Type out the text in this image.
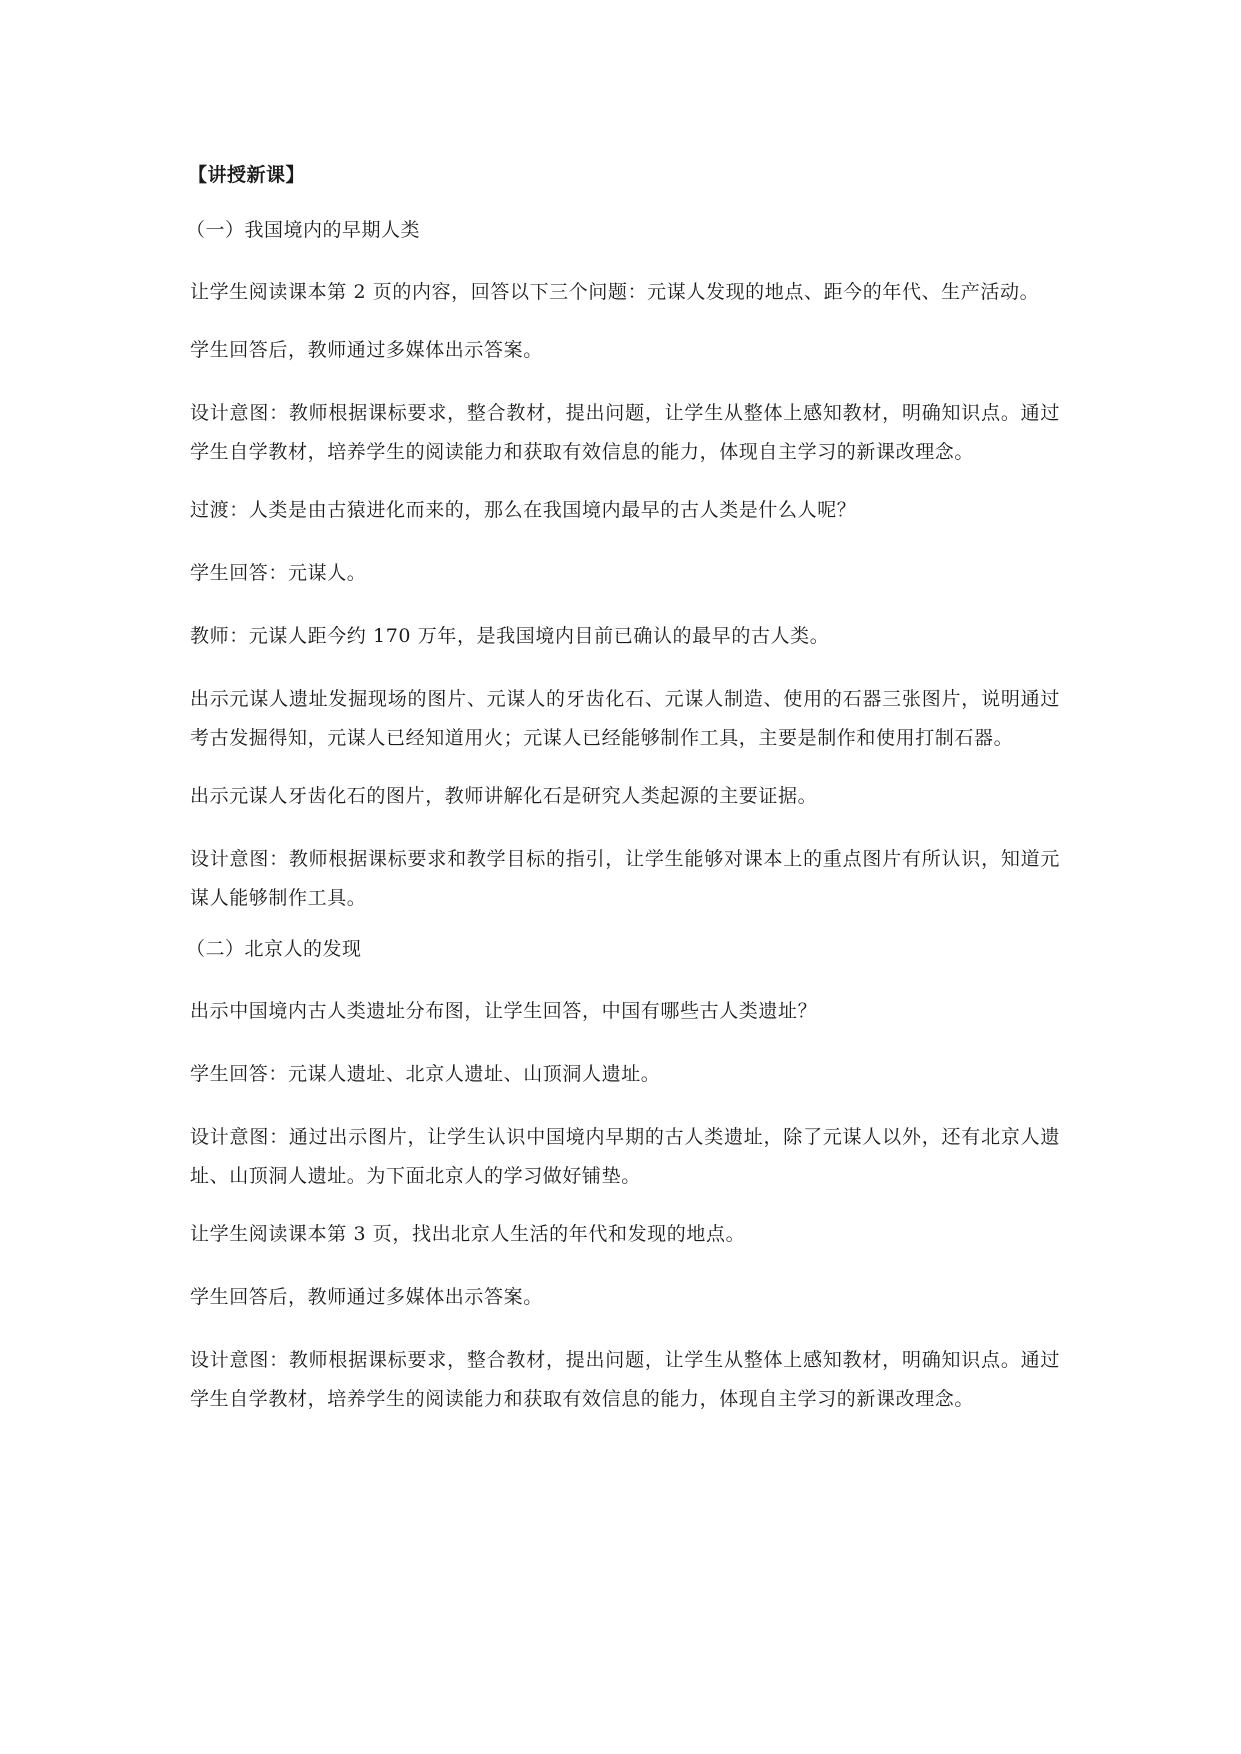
【讲授新课】
（一）我国境内的早期人类

让学生阅读课本第 2 页的内容，回答以下三个问题：元谋人发现的地点、距今的年代、生产活动。

学生回答后，教师通过多媒体出示答案。

设计意图：教师根据课标要求，整合教材，提出问题，让学生从整体上感知教材，明确知识点。通过学生自学教材，培养学生的阅读能力和获取有效信息的能力，体现自主学习的新课改理念。

过渡：人类是由古猿进化而来的，那么在我国境内最早的古人类是什么人呢？

学生回答：元谋人。

教师：元谋人距今约 170 万年，是我国境内目前已确认的最早的古人类。

出示元谋人遗址发掘现场的图片、元谋人的牙齿化石、元谋人制造、使用的石器三张图片，说明通过考古发掘得知，元谋人已经知道用火；元谋人已经能够制作工具，主要是制作和使用打制石器。

出示元谋人牙齿化石的图片，教师讲解化石是研究人类起源的主要证据。

设计意图：教师根据课标要求和教学目标的指引，让学生能够对课本上的重点图片有所认识，知道元谋人能够制作工具。

（二）北京人的发现

出示中国境内古人类遗址分布图，让学生回答，中国有哪些古人类遗址？

学生回答：元谋人遗址、北京人遗址、山顶洞人遗址。

设计意图：通过出示图片，让学生认识中国境内早期的古人类遗址，除了元谋人以外，还有北京人遗址、山顶洞人遗址。为下面北京人的学习做好铺垫。

让学生阅读课本第 3 页，找出北京人生活的年代和发现的地点。

学生回答后，教师通过多媒体出示答案。

设计意图：教师根据课标要求，整合教材，提出问题，让学生从整体上感知教材，明确知识点。通过学生自学教材，培养学生的阅读能力和获取有效信息的能力，体现自主学习的新课改理念。
